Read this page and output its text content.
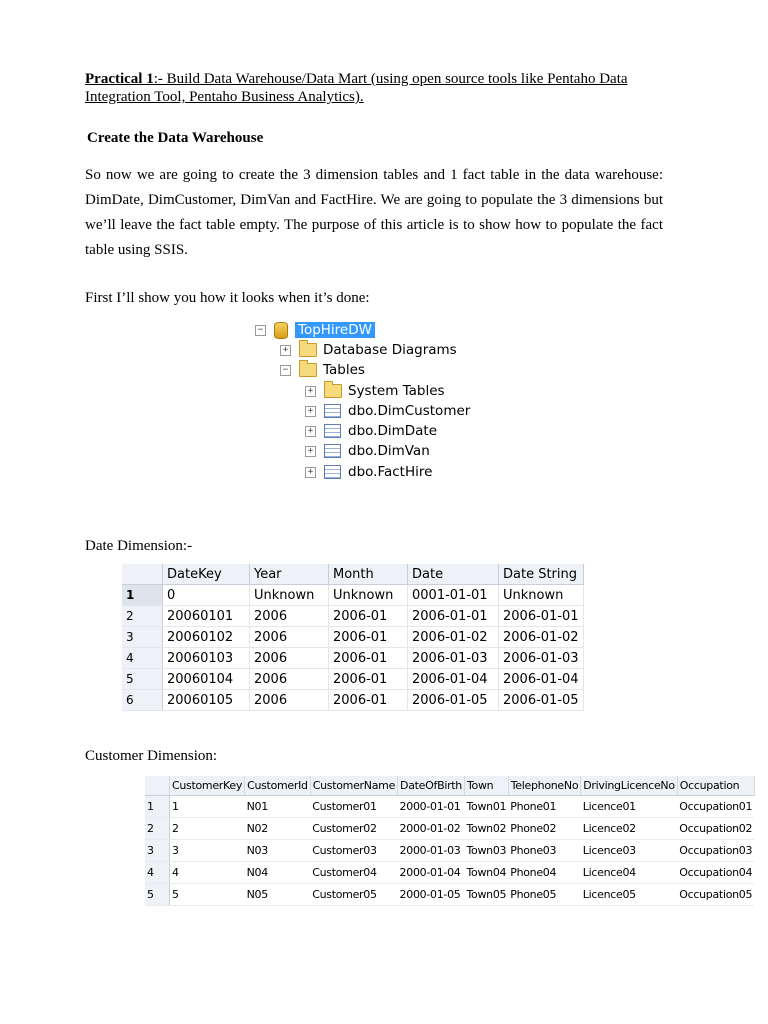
Practical 1:- Build Data Warehouse/Data Mart (using open source tools like Pentaho Data Integration Tool, Pentaho Business Analytics).
Create the Data Warehouse
So now we are going to create the 3 dimension tables and 1 fact table in the data warehouse: DimDate, DimCustomer, DimVan and FactHire. We are going to populate the 3 dimensions but we’ll leave the fact table empty. The purpose of this article is to show how to populate the fact table using SSIS.
First I’ll show you how it looks when it’s done:
−	TopHireDW
+	Database Diagrams
−	Tables
+	System Tables
+	dbo.DimCustomer
+	dbo.DimDate
+	dbo.DimVan
+	dbo.FactHire
Date Dimension:-
	DateKey	Year	Month	Date	Date String
1	0	Unknown	Unknown	0001-01-01	Unknown
2	20060101	2006	2006-01	2006-01-01	2006-01-01
3	20060102	2006	2006-01	2006-01-02	2006-01-02
4	20060103	2006	2006-01	2006-01-03	2006-01-03
5	20060104	2006	2006-01	2006-01-04	2006-01-04
6	20060105	2006	2006-01	2006-01-05	2006-01-05
Customer Dimension:
	CustomerKey	CustomerId	CustomerName	DateOfBirth	Town	TelephoneNo	DrivingLicenceNo	Occupation
1	1	N01	Customer01	2000-01-01	Town01	Phone01	Licence01	Occupation01
2	2	N02	Customer02	2000-01-02	Town02	Phone02	Licence02	Occupation02
3	3	N03	Customer03	2000-01-03	Town03	Phone03	Licence03	Occupation03
4	4	N04	Customer04	2000-01-04	Town04	Phone04	Licence04	Occupation04
5	5	N05	Customer05	2000-01-05	Town05	Phone05	Licence05	Occupation05
